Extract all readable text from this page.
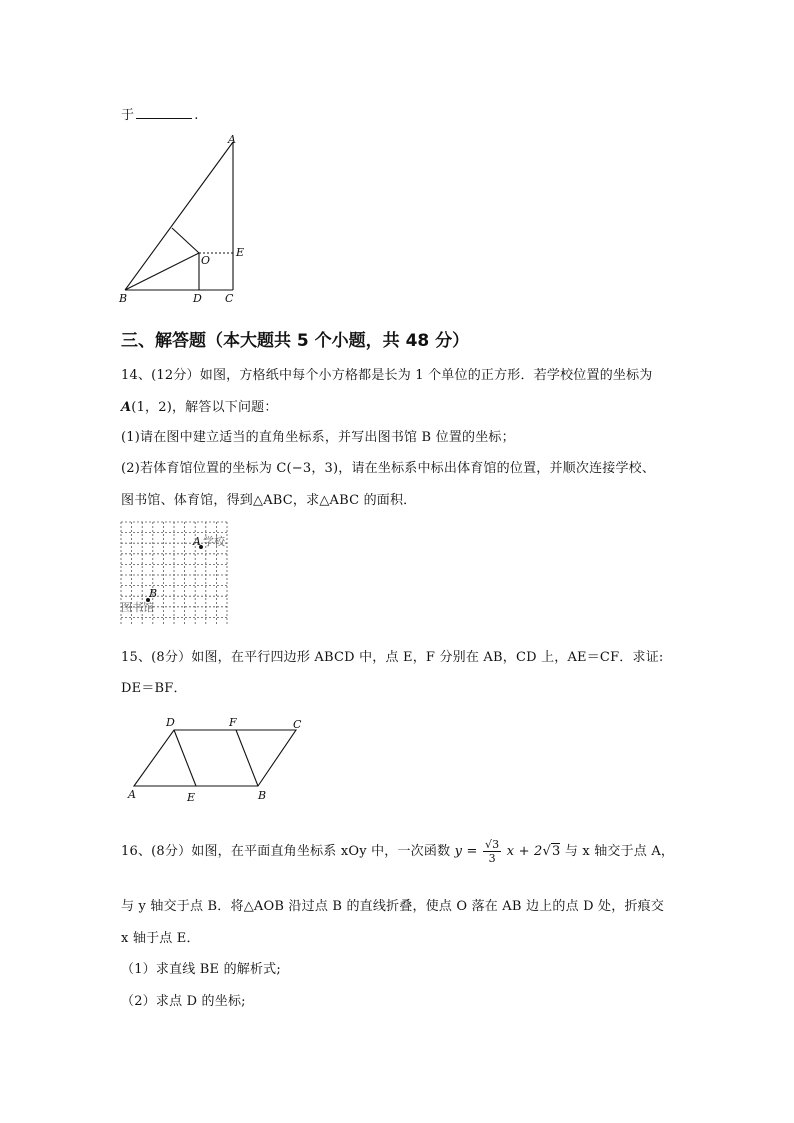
于	.
A
E
O
B	D C
三、解答题（本大题共 5 个小题，共 48 分）
14、(12分）如图，方格纸中每个小方格都是长为 1 个单位的正方形．若学校位置的坐标为
A(1，2)，解答以下问题：
(1)请在图中建立适当的直角坐标系，并写出图书馆 B 位置的坐标；
(2)若体育馆位置的坐标为 C(−3，3)，请在坐标系中标出体育馆的位置，并顺次连接学校、
图书馆、体育馆，得到△ABC，求△ABC 的面积．
A 学校
B
图书馆
15、(8分）如图，在平行四边形 ABCD 中，点 E，F 分别在 AB，CD 上，AE＝CF．求证:
DE＝BF．
D	F	C
A	E	B
16、(8分）如图，在平面直角坐标系 xOy 中，一次函数 $y = \frac{√3}{3}$ x + 2√3 与 x 轴交于点 A，
与 y 轴交于点 B．将△AOB 沿过点 B 的直线折叠，使点 O 落在 AB 边上的点 D 处，折痕交
x 轴于点 E．
（1）求直线 BE 的解析式;
（2）求点 D 的坐标;
